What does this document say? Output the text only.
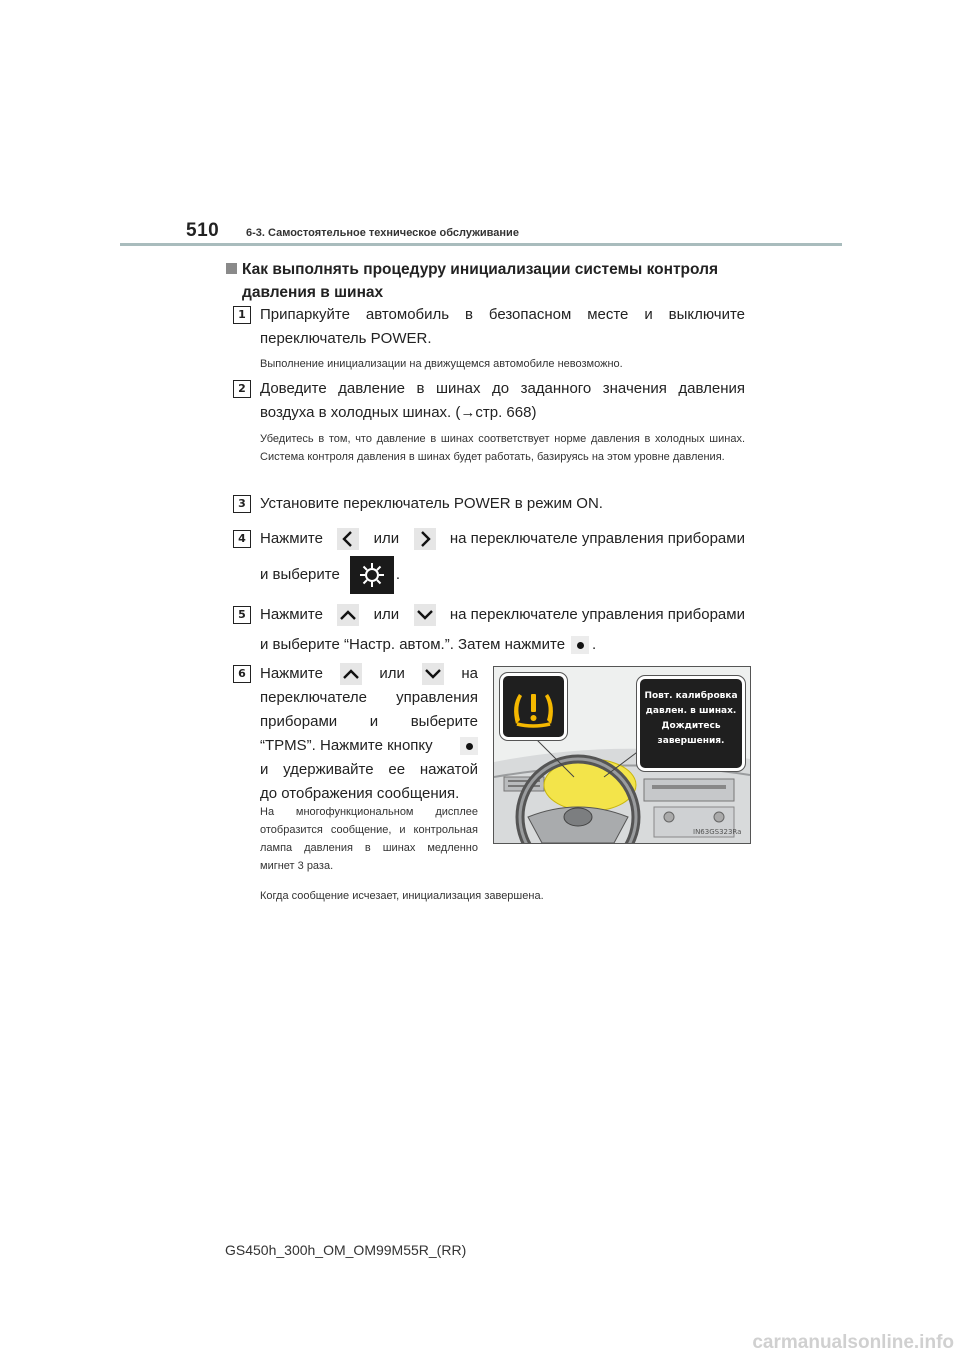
510 6-3. Самостоятельное техническое обслуживание
Как выполнять процедуру инициализации системы контроля
давления в шинах
1 Припаркуйте автомобиль в безопасном месте и выключите переключатель POWER.
Выполнение инициализации на движущемся автомобиле невозможно.
2 Доведите давление в шинах до заданного значения давления воздуха в холодных шинах. (→стр. 668)
Убедитесь в том, что давление в шинах соответствует норме давления в холодных шинах. Система контроля давления в шинах будет работать, базируясь на этом уровне давления.
3 Установите переключатель POWER в режим ON.
4 Нажмите	или	на переключателе управления приборами
и выберите	.
5 Нажмите	или	на переключателе управления приборами
и выберите “Настр. автом.”. Затем нажмите .
6 Нажмите	или	на
переключателе управления
приборами и выберите
“TPMS”. Нажмите кнопку
и удерживайте ее нажатой
до отображения сообщения.
На многофункциональном дисплее отобразится сообщение, и контрольная лампа давления в шинах медленно мигнет 3 раза.
Повт. калибровка
давлен. в шинах.
Дождитесь
завершения.
IN63GS323Ra
Когда сообщение исчезает, инициализация завершена.
GS450h_300h_OM_OM99M55R_(RR)
carmanualsonline.info
